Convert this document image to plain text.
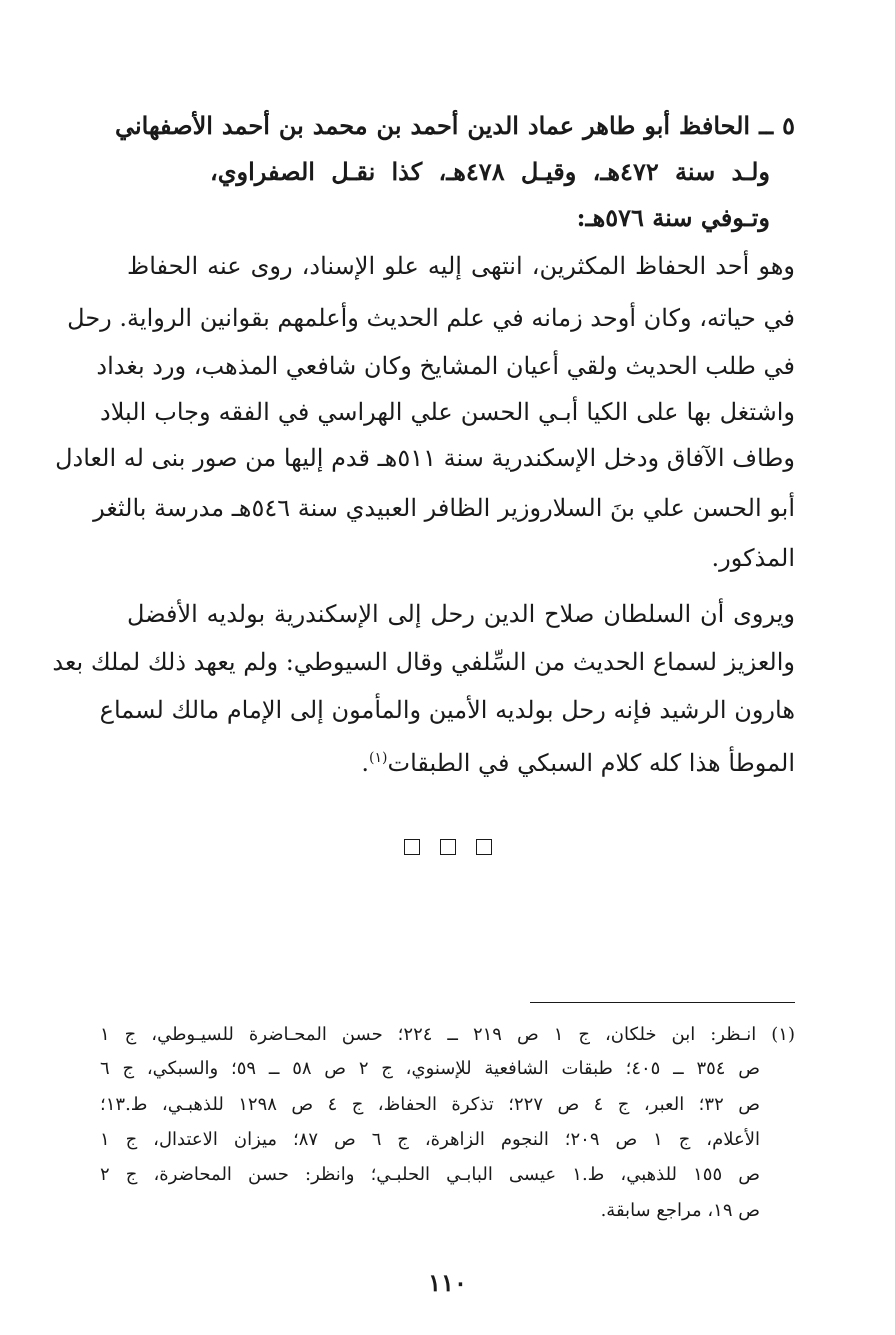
٥ ــ الحافظ أبو طاهر عماد الدين أحمد بن محمد بن أحمد الأصفهاني
ولـد سنة ٤٧٢هـ، وقيـل ٤٧٨هـ، كذا نقـل الصفراوي،
وتـوفي سنة ٥٧٦هـ:
وهو أحد الحفاظ المكثرين، انتهى إليه علو الإسناد، روى عنه الحفاظ
في حياته، وكان أوحد زمانه في علم الحديث وأعلمهم بقوانين الرواية. رحل
في طلب الحديث ولقي أعيان المشايخ وكان شافعي المذهب، ورد بغداد
واشتغل بها على الكيا أبـي الحسن علي الهراسي في الفقه وجاب البلاد
وطاف الآفاق ودخل الإسكندرية سنة ٥١١هـ قدم إليها من صور بنى له العادل
أبو الحسن علي بنَ السلاروزير الظافر العبيدي سنة ٥٤٦هـ مدرسة بالثغر
المذكور.
ويروى أن السلطان صلاح الدين رحل إلى الإسكندرية بولديه الأفضل
والعزيز لسماع الحديث من السِّلفي وقال السيوطي: ولم يعهد ذلك لملك بعد
هارون الرشيد فإنه رحل بولديه الأمين والمأمون إلى الإمام مالك لسماع
الموطأ هذا كله كلام السبكي في الطبقات$^{(١)}$.
(١) انـظر: ابن خلكان، ج ١ ص ٢١٩ ــ ٢٢٤؛ حسن المحـاضرة للسيـوطي، ج ١
ص ٣٥٤ ــ ٤٠٥؛ طبقات الشافعية للإسنوي، ج ٢ ص ٥٨ ــ ٥٩؛ والسبكي، ج ٦
ص ٣٢؛ العبر، ج ٤ ص ٢٢٧؛ تذكرة الحفاظ، ج ٤ ص ١٢٩٨ للذهبـي، ط.١٣؛
الأعلام، ج ١ ص ٢٠٩؛ النجوم الزاهرة، ج ٦ ص ٨٧؛ ميزان الاعتدال، ج ١
ص ١٥٥ للذهبي، ط.١ عيسى البابـي الحلبـي؛ وانظر: حسن المحاضرة، ج ٢
ص ١٩، مراجع سابقة.
١١٠
